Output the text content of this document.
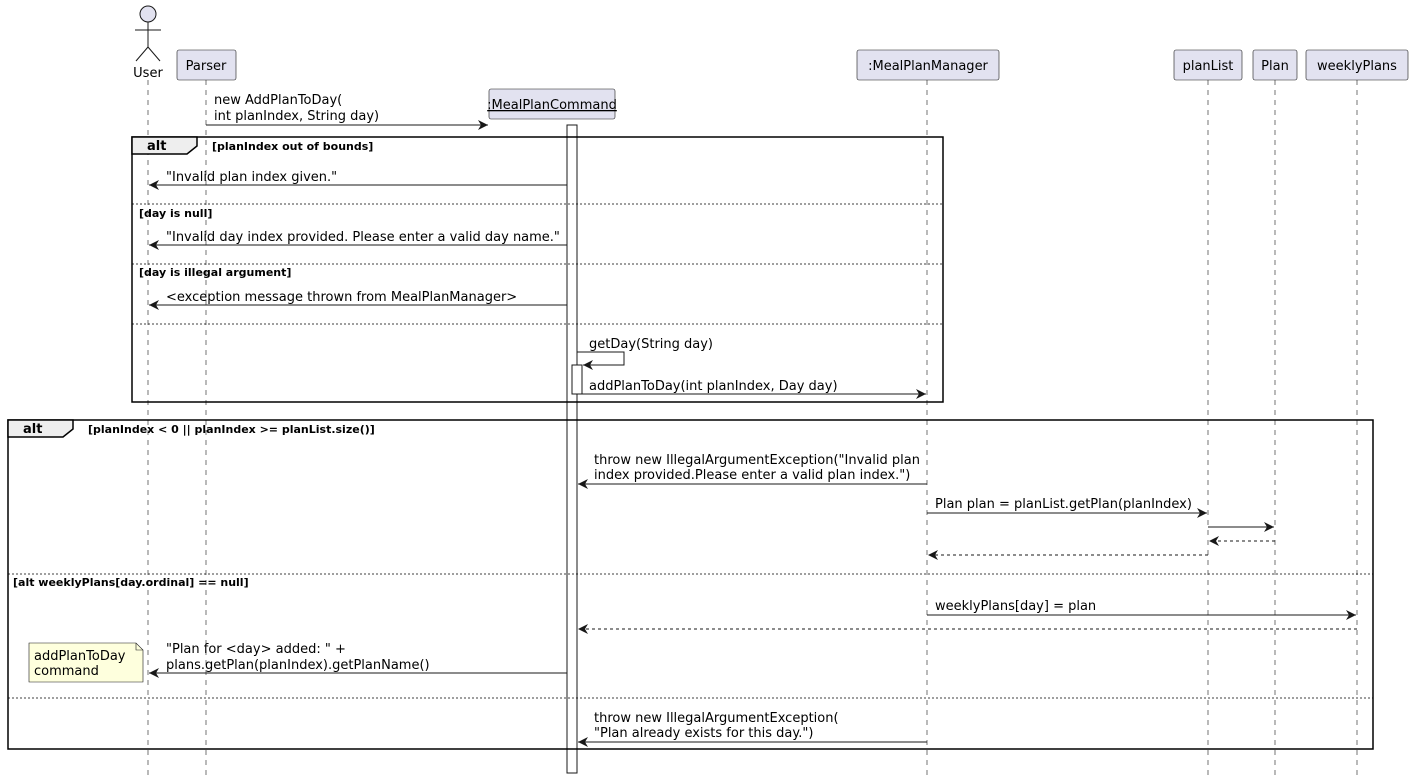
User Parser	:MealPlanManager	planList Plan weeklyPlans
:MealPlanCommand
new AddPlanToDay(
int planIndex, String day)
alt	[planIndex out of bounds]
"Invalid plan index given."
[day is null]
"Invalid day index provided. Please enter a valid day name."
[day is illegal argument]
<exception message thrown from MealPlanManager>
getDay(String day)
addPlanToDay(int planIndex, Day day)
alt	[planIndex < 0 || planIndex >= planList.size()]
throw new IllegalArgumentException("Invalid plan
index provided.Please enter a valid plan index.")
Plan plan = planList.getPlan(planIndex)
[alt weeklyPlans[day.ordinal] == null]
weeklyPlans[day] = plan
addPlanToDay
command
"Plan for <day> added: " +
plans.getPlan(planIndex).getPlanName()
throw new IllegalArgumentException(
"Plan already exists for this day.")
